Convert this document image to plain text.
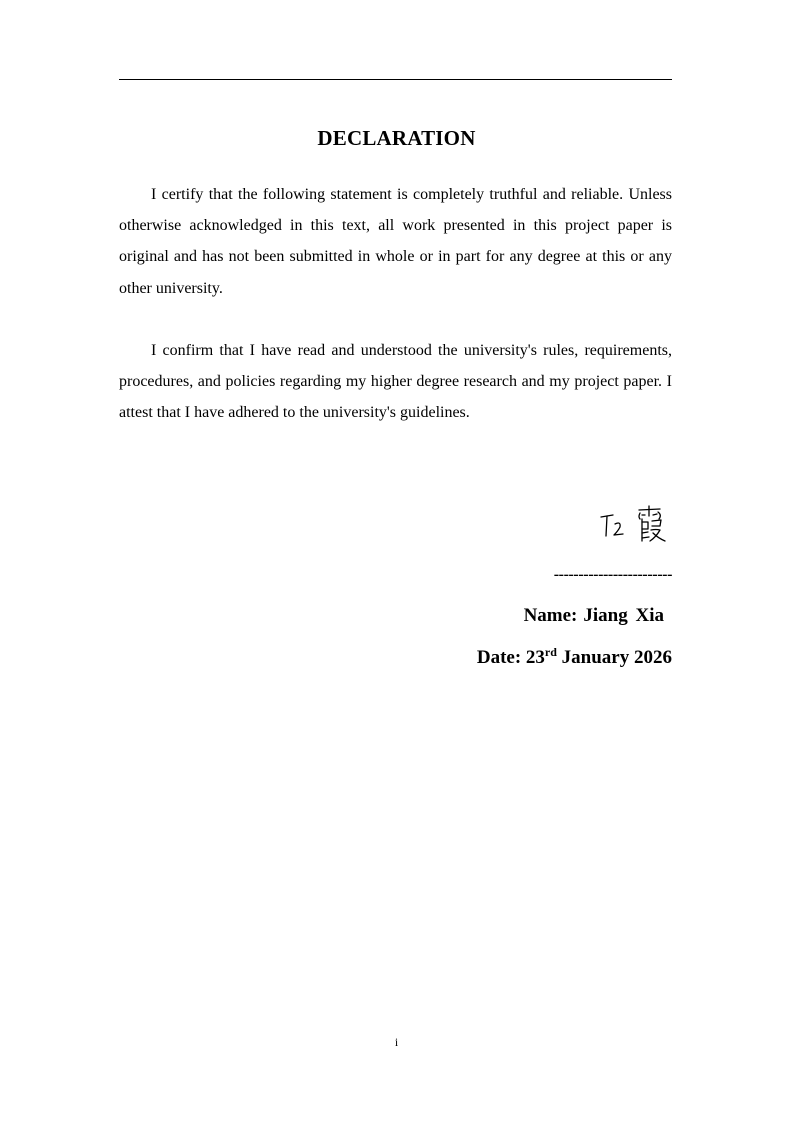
DECLARATION

I certify that the following statement is completely truthful and reliable. Unless otherwise acknowledged in this text, all work presented in this project paper is original and has not been submitted in whole or in part for any degree at this or any other university.

I confirm that I have read and understood the university's rules, requirements, procedures, and policies regarding my higher degree research and my project paper. I attest that I have adhered to the university's guidelines.

------------------------
Name: Jiang Xia
Date: 23rd January 2026
i
